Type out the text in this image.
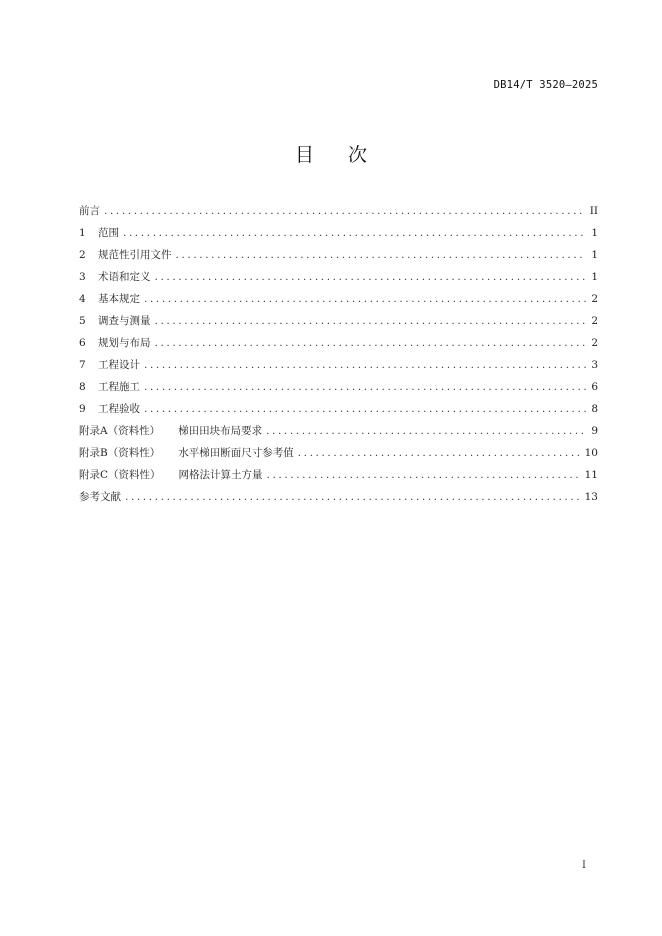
DB14/T 3520—2025
目 次
前言 .....	II
1	范围 .....	1
2	规范性引用文件 .....	1
3	术语和定义 .....	1
4	基本规定 .....	2
5	调查与测量 .....	2
6	规划与布局 .....	2
7	工程设计 .....	3
8	工程施工 .....	6
9	工程验收 .....	8
附录A（资料性）	梯田田块布局要求 .....	9
附录B（资料性）	水平梯田断面尺寸参考值 .....	10
附录C（资料性）	网格法计算土方量 .....	11
参考文献 .....	13
I
